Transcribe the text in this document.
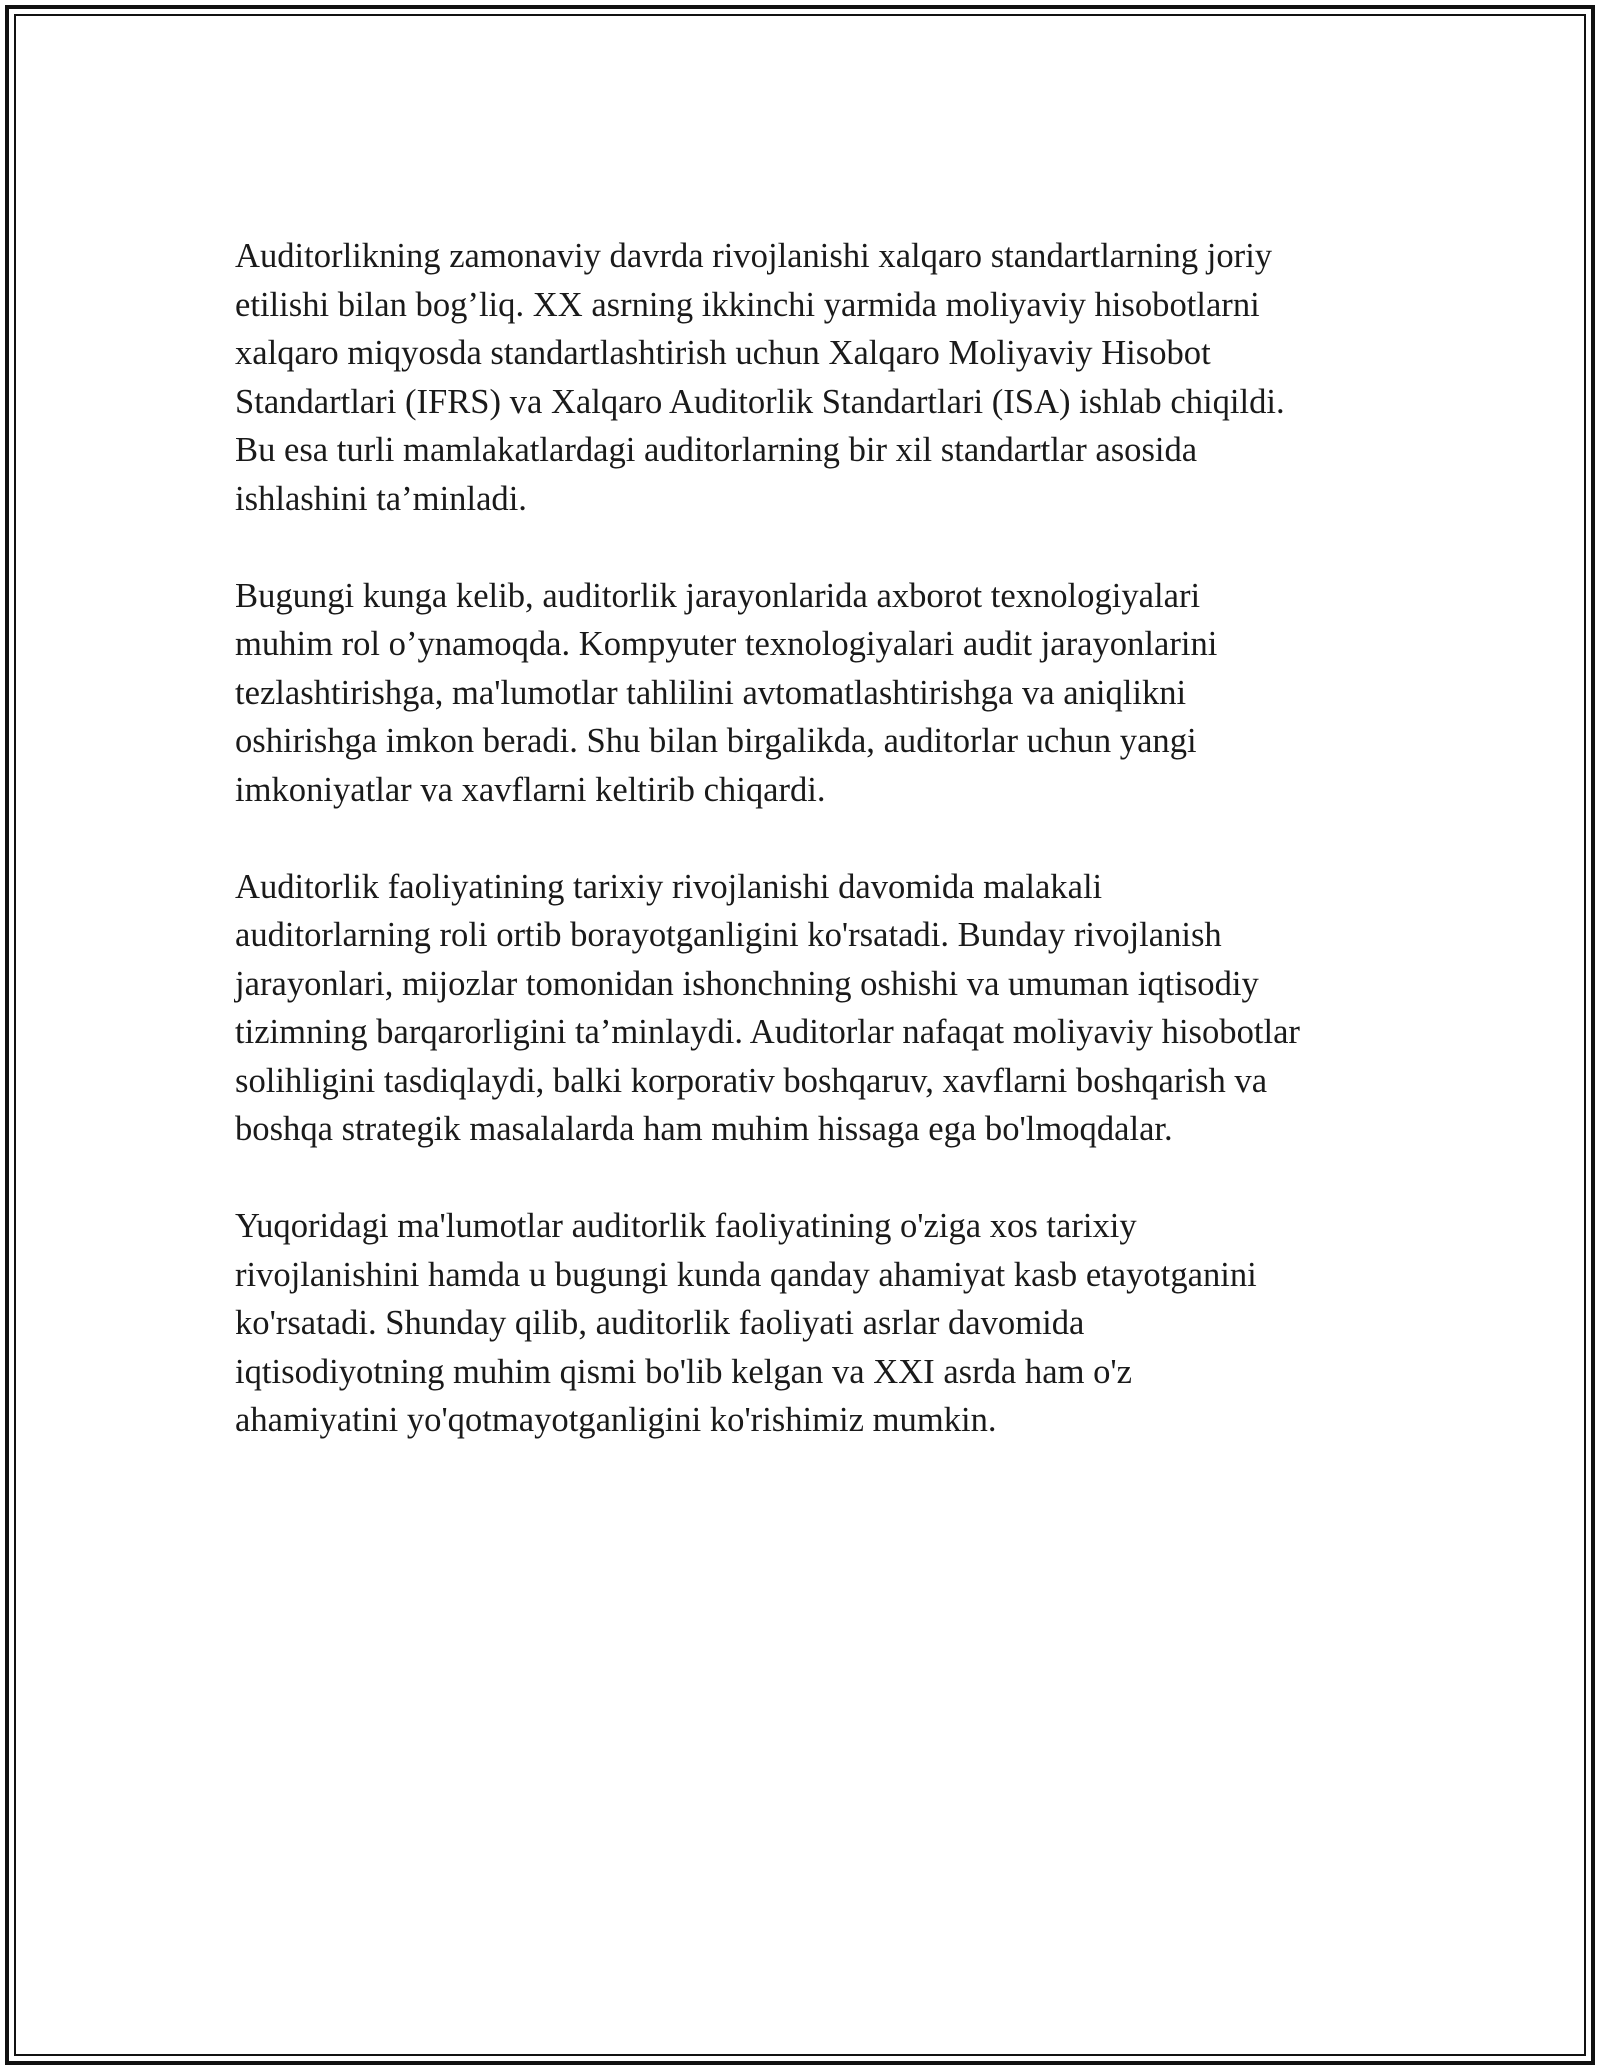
Auditorlikning zamonaviy davrda rivojlanishi xalqaro standartlarning joriy
etilishi bilan bog’liq. XX asrning ikkinchi yarmida moliyaviy hisobotlarni
xalqaro miqyosda standartlashtirish uchun Xalqaro Moliyaviy Hisobot
Standartlari (IFRS) va Xalqaro Auditorlik Standartlari (ISA) ishlab chiqildi.
Bu esa turli mamlakatlardagi auditorlarning bir xil standartlar asosida
ishlashini ta’minladi.

Bugungi kunga kelib, auditorlik jarayonlarida axborot texnologiyalari
muhim rol o’ynamoqda. Kompyuter texnologiyalari audit jarayonlarini
tezlashtirishga, ma'lumotlar tahlilini avtomatlashtirishga va aniqlikni
oshirishga imkon beradi. Shu bilan birgalikda, auditorlar uchun yangi
imkoniyatlar va xavflarni keltirib chiqardi.

Auditorlik faoliyatining tarixiy rivojlanishi davomida malakali
auditorlarning roli ortib borayotganligini ko'rsatadi. Bunday rivojlanish
jarayonlari, mijozlar tomonidan ishonchning oshishi va umuman iqtisodiy
tizimning barqarorligini ta’minlaydi. Auditorlar nafaqat moliyaviy hisobotlar
solihligini tasdiqlaydi, balki korporativ boshqaruv, xavflarni boshqarish va
boshqa strategik masalalarda ham muhim hissaga ega bo'lmoqdalar.

Yuqoridagi ma'lumotlar auditorlik faoliyatining o'ziga xos tarixiy
rivojlanishini hamda u bugungi kunda qanday ahamiyat kasb etayotganini
ko'rsatadi. Shunday qilib, auditorlik faoliyati asrlar davomida
iqtisodiyotning muhim qismi bo'lib kelgan va XXI asrda ham o'z
ahamiyatini yo'qotmayotganligini ko'rishimiz mumkin.
